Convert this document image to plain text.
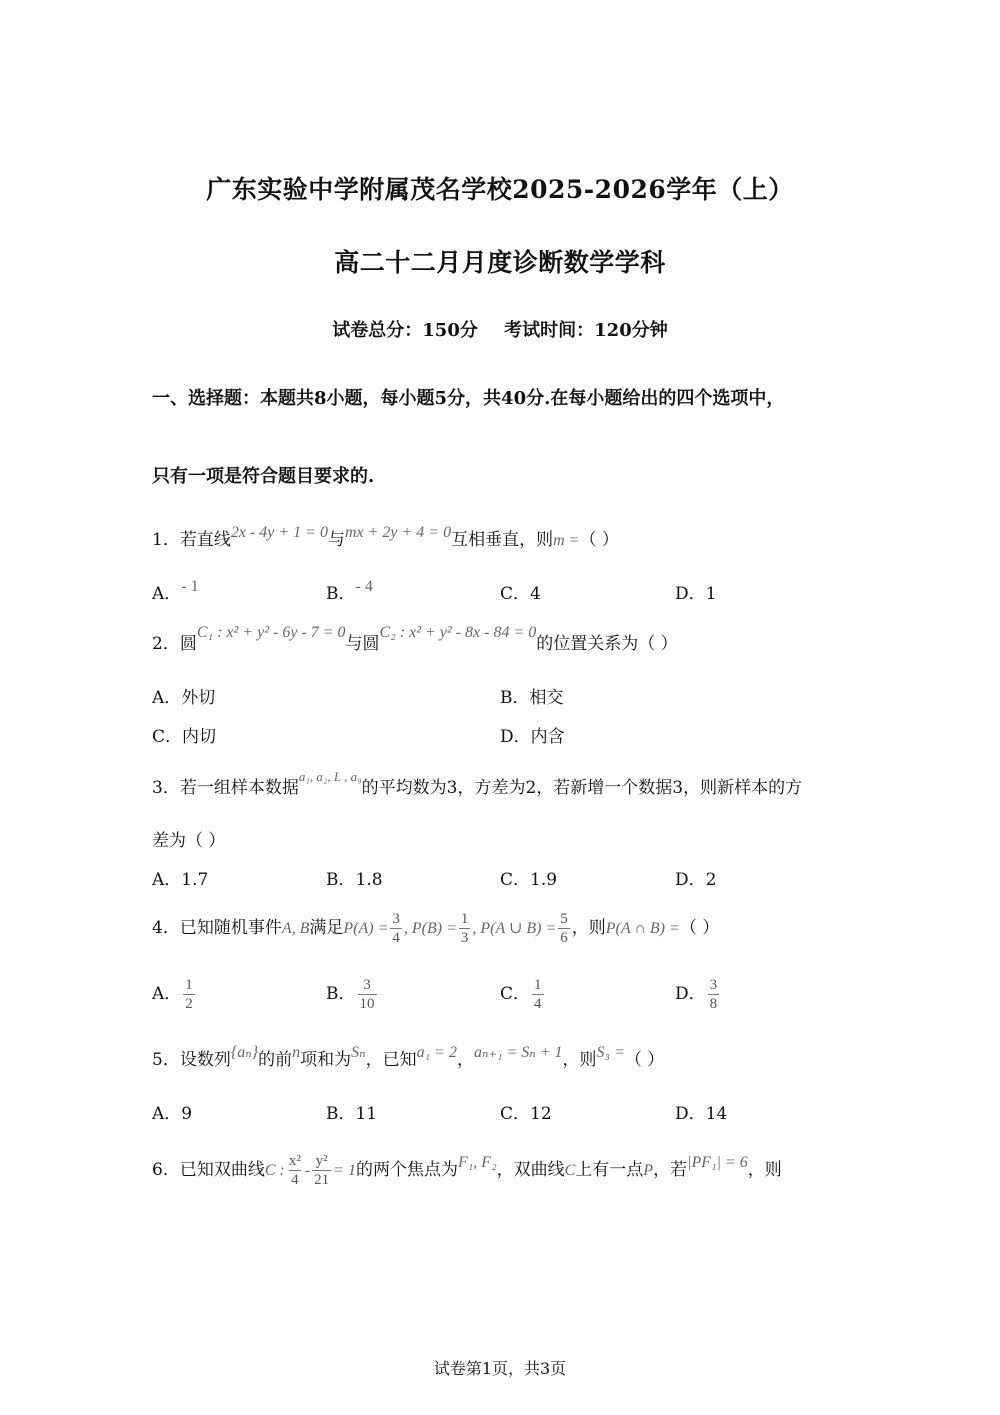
广东实验中学附属茂名学校2025-2026学年（上）
高二十二月月度诊断数学学科
试卷总分：150分 考试时间：120分钟
一、选择题：本题共8小题，每小题5分，共40分.在每小题给出的四个选项中，
只有一项是符合题目要求的.
1．若直线2x - 4y + 1 = 0与mx + 2y + 4 = 0互相垂直，则m =（ ）
A．- 1	B．- 4	C．4	D．1
2．圆C₁ : x² + y² - 6y - 7 = 0与圆C₂ : x² + y² - 8x - 84 = 0的位置关系为（ ）
A．外切	B．相交
C．内切	D．内含
3．若一组样本数据$^{a_1, a_2, L , a_9}$的平均数为3，方差为2，若新增一个数据3，则新样本的方
差为（ ）
A．1.7	B．1.8	C．1.9	D．2
4．已知随机事件A, B满足$P(A) = \frac{3}{4}$ , $P(B) = \frac{1}{3}$ , P(A ∪ $B) = \frac{5}{6}$ ，则P(A ∩ B) =（ ）
A． $\frac{1}{2}$	B． $\frac{3}{10}$	C． $\frac{1}{4}$	D． $\frac{3}{8}$
5．设数列{aₙ}的前n项和为Sₙ，已知a₁ = 2，aₙ₊₁ = Sₙ + 1，则S₃ =（ ）
A．9	B．11	C．12	D．14
6．已知双曲线C : $\frac{\text{x²}}{4} - \frac{\text{y²}}{21} = 1$的两个焦点为F₁, F₂，双曲线C上有一点P，若|PF₁| = 6，则
试卷第1页，共3页
